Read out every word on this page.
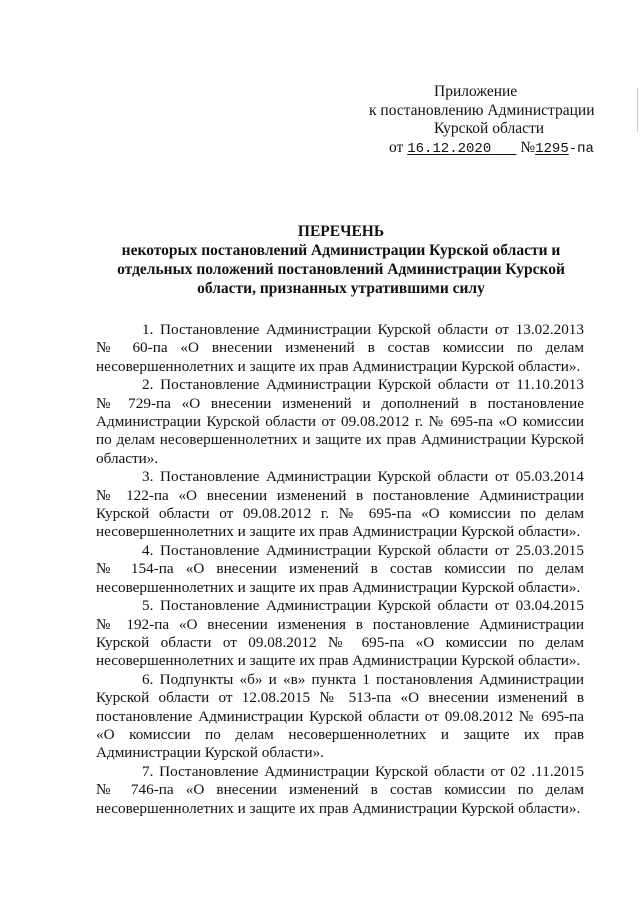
Приложение
к постановлению Администрации
Курской области
от 16.12.2020 №1295-па
ПЕРЕЧЕНЬ
некоторых постановлений Администрации Курской области и отдельных положений постановлений Администрации Курской области, признанных утратившими силу

1. Постановление Администрации Курской области от 13.02.2013 № 60-па «О внесении изменений в состав комиссии по делам несовершеннолетних и защите их прав Администрации Курской области».

2. Постановление Администрации Курской области от 11.10.2013 № 729-па «О внесении изменений и дополнений в постановление Администрации Курской области от 09.08.2012 г. № 695-па «О комиссии по делам несовершеннолетних и защите их прав Администрации Курской области».

3. Постановление Администрации Курской области от 05.03.2014 № 122-па «О внесении изменений в постановление Администрации Курской области от 09.08.2012 г. № 695-па «О комиссии по делам несовершеннолетних и защите их прав Администрации Курской области».

4. Постановление Администрации Курской области от 25.03.2015 № 154-па «О внесении изменений в состав комиссии по делам несовершеннолетних и защите их прав Администрации Курской области».

5. Постановление Администрации Курской области от 03.04.2015 № 192-па «О внесении изменения в постановление Администрации Курской области от 09.08.2012 № 695-па «О комиссии по делам несовершеннолетних и защите их прав Администрации Курской области».

6. Подпункты «б» и «в» пункта 1 постановления Администрации Курской области от 12.08.2015 № 513-па «О внесении изменений в постановление Администрации Курской области от 09.08.2012 № 695-па «О комиссии по делам несовершеннолетних и защите их прав Администрации Курской области».

7. Постановление Администрации Курской области от 02 .11.2015 № 746-па «О внесении изменений в состав комиссии по делам несовершеннолетних и защите их прав Администрации Курской области».
